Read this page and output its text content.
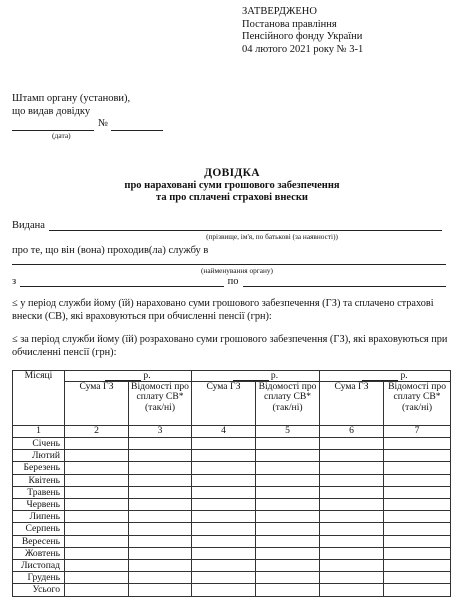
ЗАТВЕРДЖЕНО
Постанова правління
Пенсійного фонду України
04 лютого 2021 року № 3-1
Штамп органу (установи),
що видав довідку
№
(дата)
ДОВІДКА
про нараховані суми грошового забезпечення
та про сплачені страхові внески
Видана
(прізвище, ім'я, по батькові (за наявності))
про те, що він (вона) проходив(ла) службу в
(найменування органу)
з	по
≤ у період служби йому (їй) нараховано суми грошового забезпечення (ГЗ) та сплачено страхові внески (СВ), які враховуються при обчисленні пенсії (грн):
≤ за період служби йому (їй) розраховано суми грошового забезпечення (ГЗ), які враховуються при обчисленні пенсії (грн):
Місяці	р.		р.		р.	

	Сума ГЗ	Відомості про сплату СВ* (так/ні)	Сума ГЗ	Відомості про сплату СВ* (так/ні)	Сума ГЗ	Відомості про сплату СВ* (так/ні)
1	2	3	4	5	6	7
Січень						
Лютий						
Березень						
Квітень						
Травень						
Червень						
Липень						
Серпень						
Вересень						
Жовтень						
Листопад						
Грудень						
Усього						
